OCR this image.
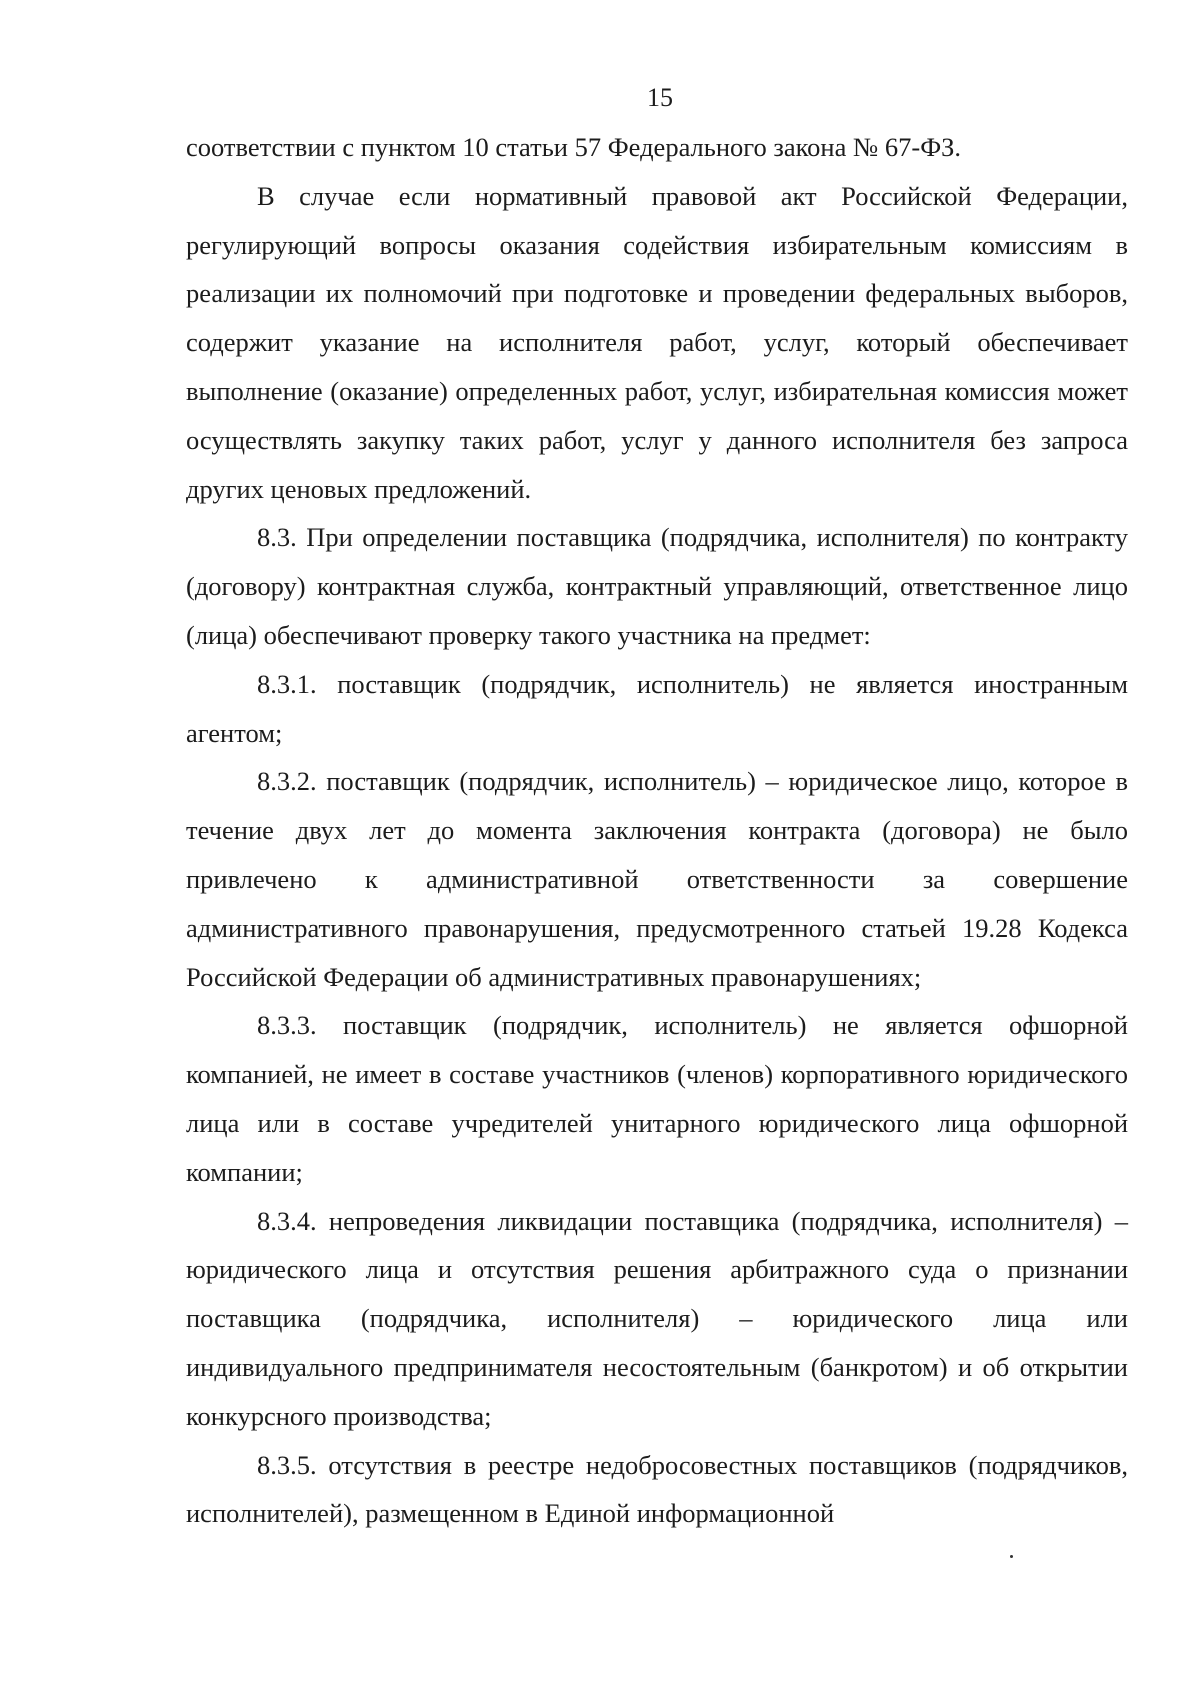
15

соответствии с пунктом 10 статьи 57 Федерального закона № 67-ФЗ.

В случае если нормативный правовой акт Российской Федерации, регулирующий вопросы оказания содействия избирательным комиссиям в реализации их полномочий при подготовке и проведении федеральных выборов, содержит указание на исполнителя работ, услуг, который обеспечивает выполнение (оказание) определенных работ, услуг, избирательная комиссия может осуществлять закупку таких работ, услуг у данного исполнителя без запроса других ценовых предложений.

8.3. При определении поставщика (подрядчика, исполнителя) по контракту (договору) контрактная служба, контрактный управляющий, ответственное лицо (лица) обеспечивают проверку такого участника на предмет:

8.3.1. поставщик (подрядчик, исполнитель) не является иностранным агентом;

8.3.2. поставщик (подрядчик, исполнитель) – юридическое лицо, которое в течение двух лет до момента заключения контракта (договора) не было привлечено к административной ответственности за совершение административного правонарушения, предусмотренного статьей 19.28 Кодекса Российской Федерации об административных правонарушениях;

8.3.3. поставщик (подрядчик, исполнитель) не является офшорной компанией, не имеет в составе участников (членов) корпоративного юридического лица или в составе учредителей унитарного юридического лица офшорной компании;

8.3.4. непроведения ликвидации поставщика (подрядчика, исполнителя) – юридического лица и отсутствия решения арбитражного суда о признании поставщика (подрядчика, исполнителя) – юридического лица или индивидуального предпринимателя несостоятельным (банкротом) и об открытии конкурсного производства;

8.3.5. отсутствия в реестре недобросовестных поставщиков (подрядчиков, исполнителей), размещенном в Единой информационной
